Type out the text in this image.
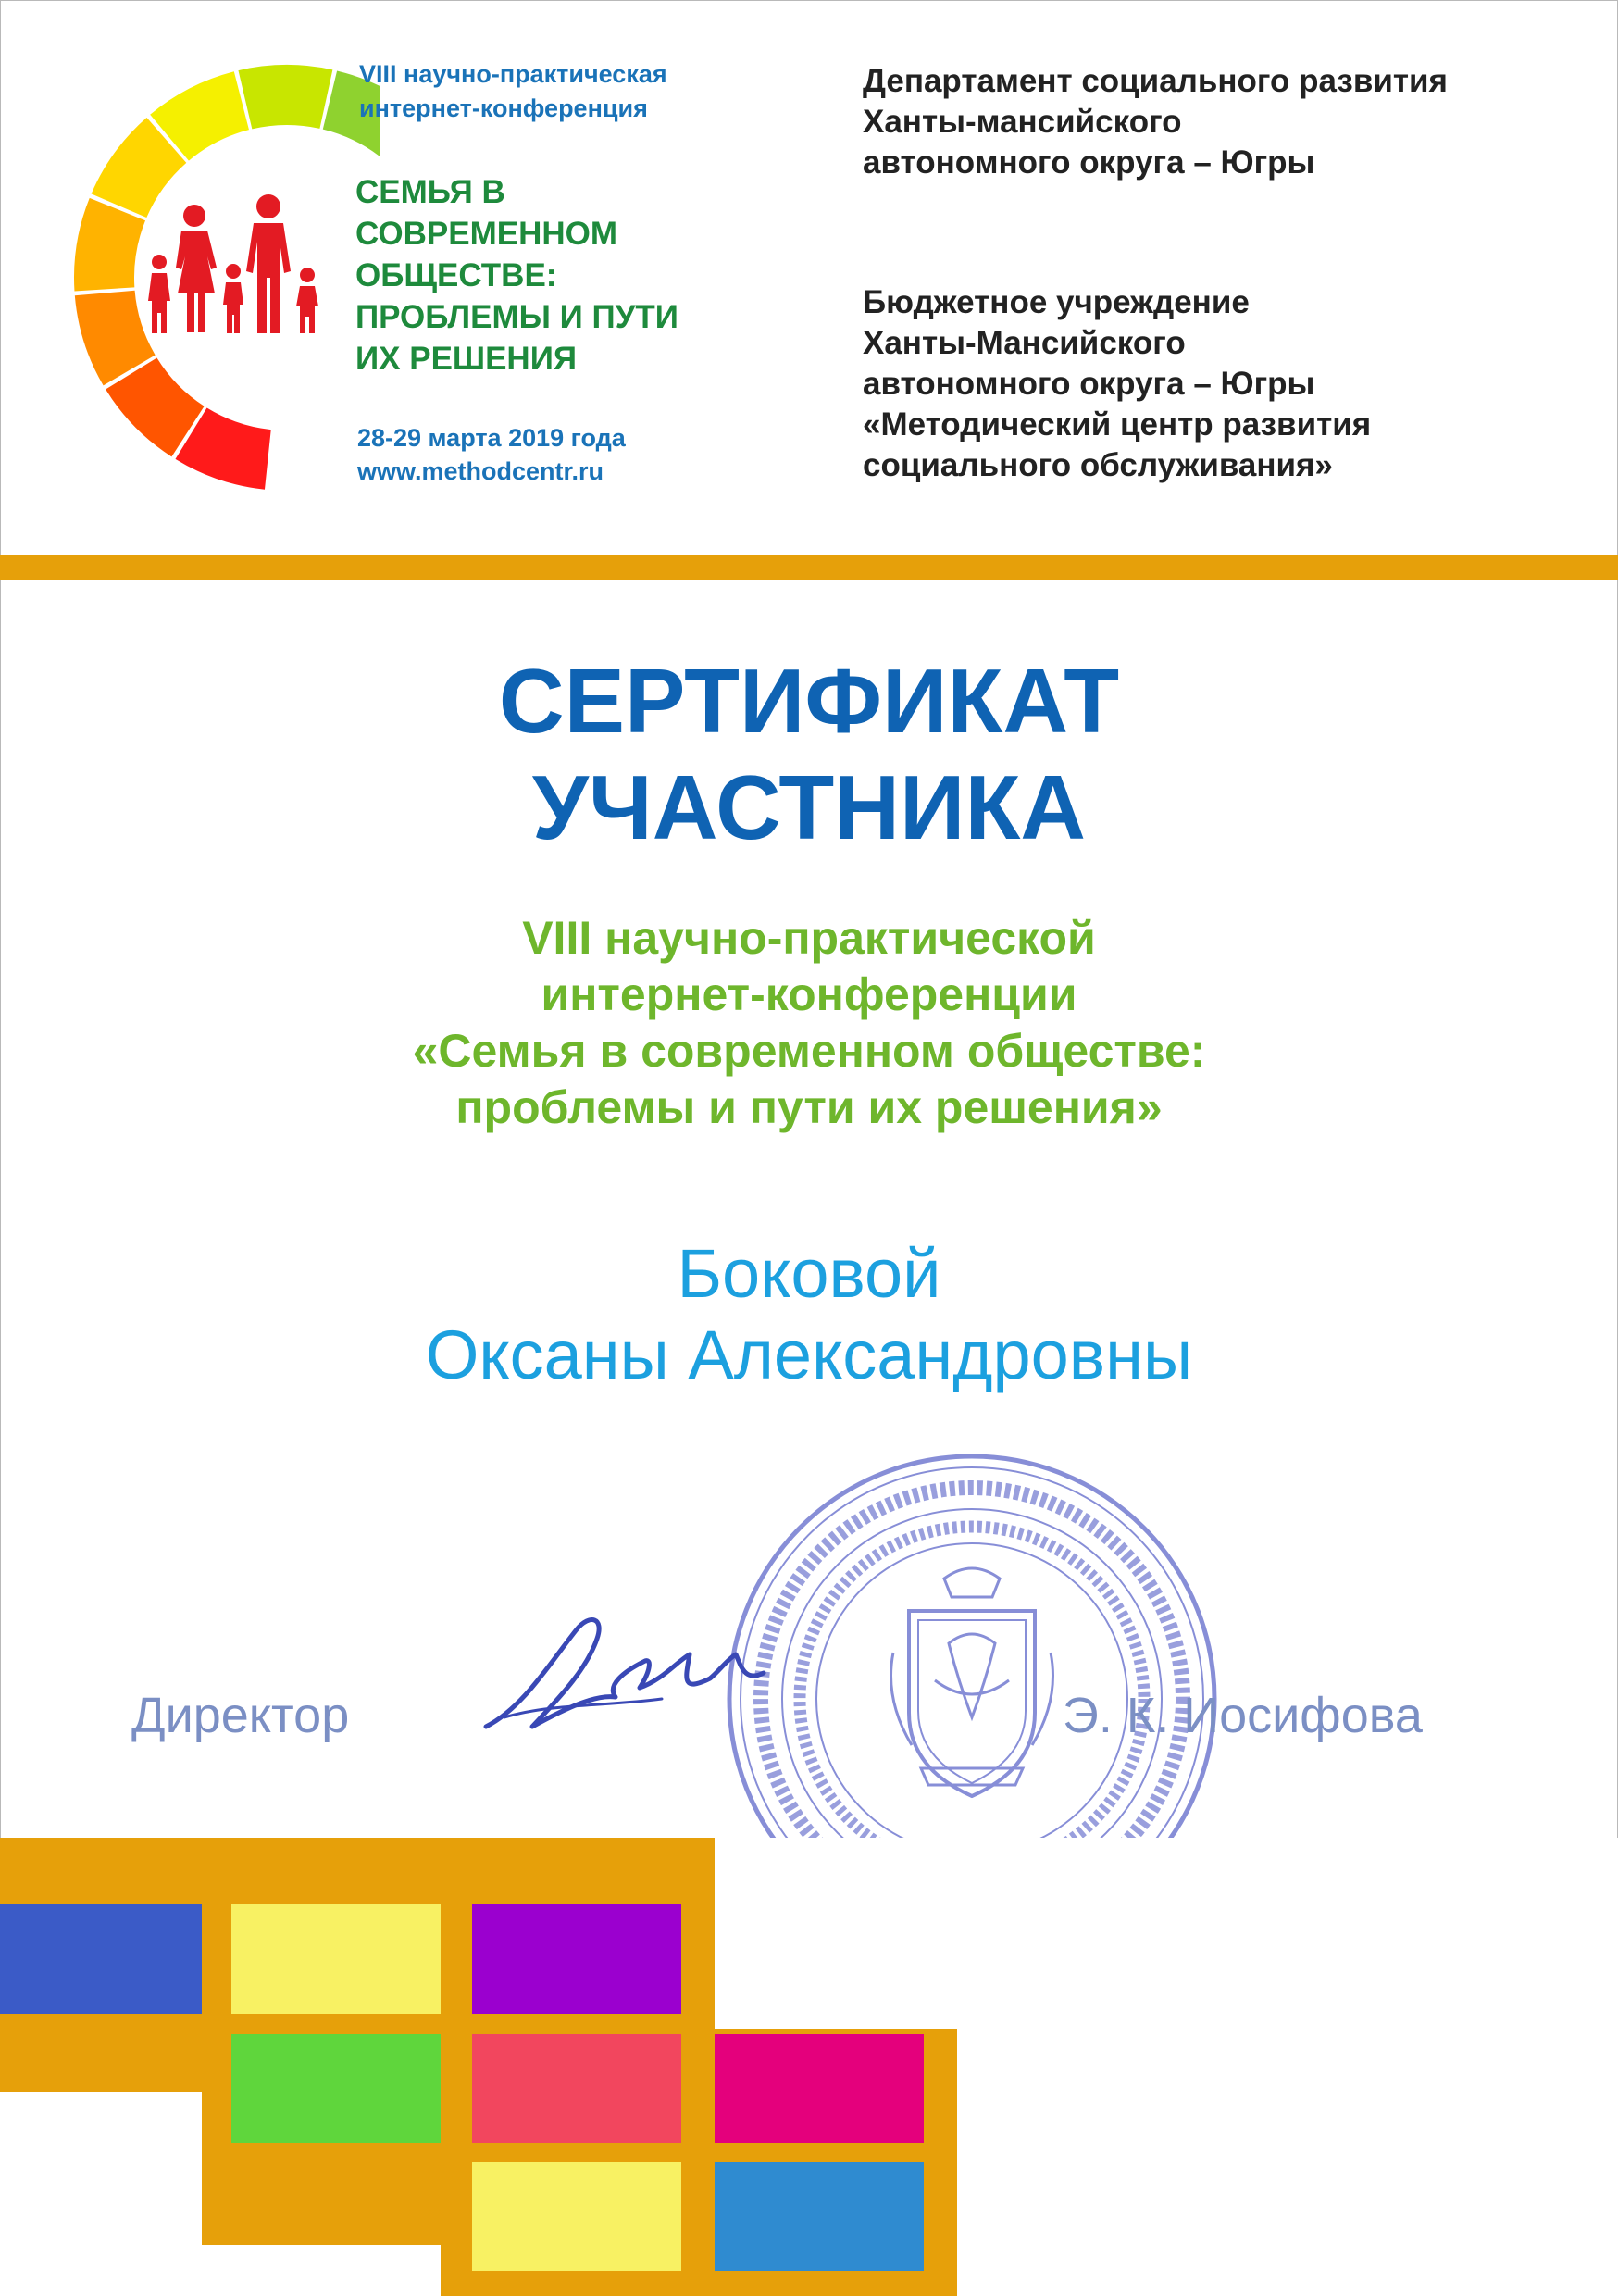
VIII научно-практическая
интернет-конференция
СЕМЬЯ В
СОВРЕМЕННОМ
ОБЩЕСТВЕ:
ПРОБЛЕМЫ И ПУТИ
ИХ РЕШЕНИЯ
28-29 марта 2019 года
www.methodcentr.ru
Департамент социального развития
Ханты-мансийского
автономного округа – Югры
Бюджетное учреждение
Ханты-Мансийского
автономного округа – Югры
«Методический центр развития
социального обслуживания»
СЕРТИФИКАТ
УЧАСТНИКА
VIII научно-практической
интернет-конференции
«Семья в современном обществе:
проблемы и пути их решения»
Боковой
Оксаны Александровны
Директор	Э. К. Иосифова
